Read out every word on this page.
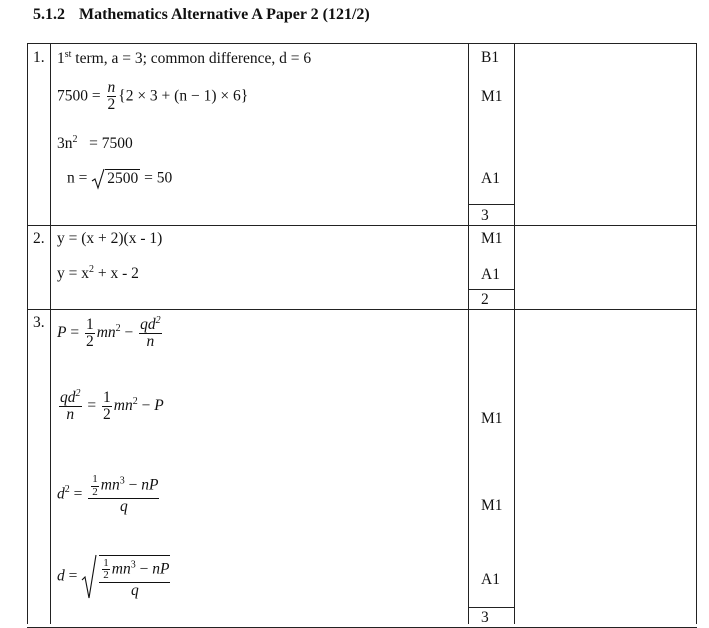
5.1.2 Mathematics Alternative A Paper 2 (121/2)
1. 1st term, a = 3; common difference, d = 6
$7500 = \frac{n}{2} \{2 \times 3 + (n - 1) \times 6\}$
$3n^2 = 7500$
n = 2500 = 50
B1
M1
A1
3
2. y = (x + 2)(x - 1)
$y = x^2 + x - 2$
M1
A1
2
3.
$P = \frac{1}{2} mn^2 - \frac{qd^2}{n}$
$\frac{qd^2}{n} = \frac{1}{2} mn^2 - P$
$d^2 = \frac{\frac{1}{2} mn^3 - nP}{q}$
$d = \frac{\frac{1}{2} mn^3 - nP}{q}$
M1
M1
A1
3
